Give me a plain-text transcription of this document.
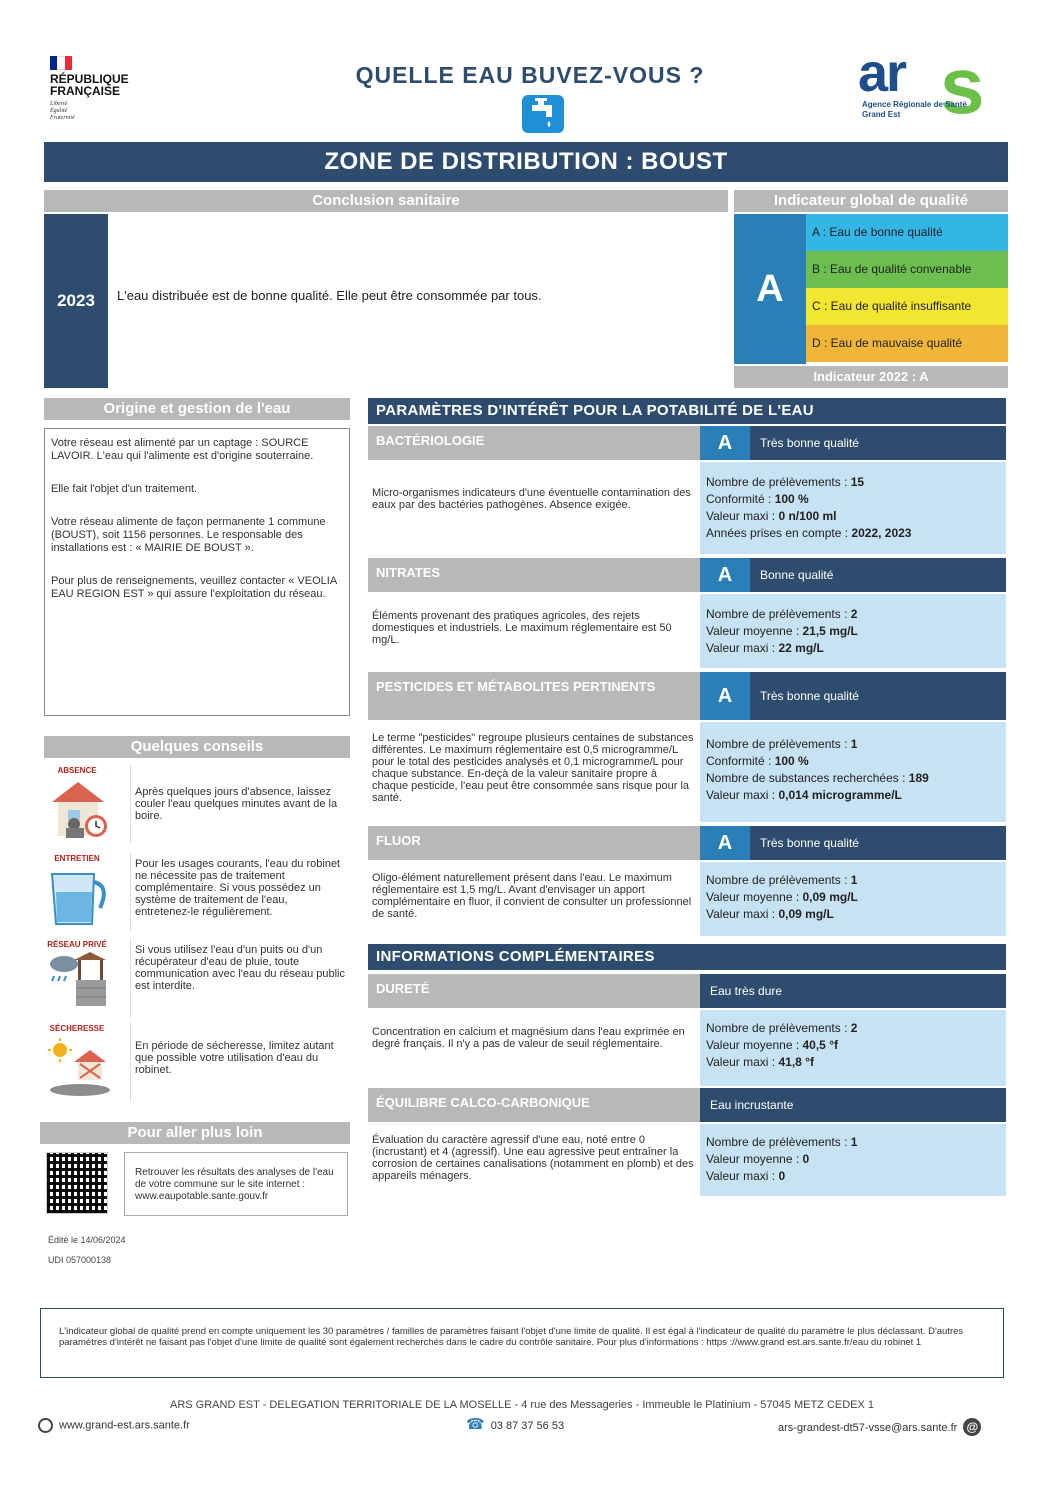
RÉPUBLIQUE
FRANÇAISE
Liberté
Égalité
Fraternité
QUELLE EAU BUVEZ-VOUS ?	ar s
Agence Régionale de Santé
Grand Est
ZONE DE DISTRIBUTION : BOUST
Conclusion sanitaire
2023	L'eau distribuée est de bonne qualité. Elle peut être consommée par tous.
Indicateur global de qualité
A
A : Eau de bonne qualité
B : Eau de qualité convenable
C : Eau de qualité insuffisante
D : Eau de mauvaise qualité
Indicateur 2022 : A
Origine et gestion de l'eau

Votre réseau est alimenté par un captage : SOURCE LAVOIR. L'eau qui l'alimente est d'origine souterraine.

Elle fait l'objet d'un traitement.

Votre réseau alimente de façon permanente 1 commune (BOUST), soit 1156 personnes. Le responsable des installations est : « MAIRIE DE BOUST ».

Pour plus de renseignements, veuillez contacter « VEOLIA EAU REGION EST » qui assure l'exploitation du réseau.

Quelques conseils
ABSENCE
Après quelques jours d'absence, laissez couler l'eau quelques minutes avant de la boire.
ENTRETIEN	Pour les usages courants, l'eau du robinet ne nécessite pas de traitement complémentaire. Si vous possédez un système de traitement de l'eau, entretenez-le régulièrement.
RÉSEAU PRIVÉ	Si vous utilisez l'eau d'un puits ou d'un récupérateur d'eau de pluie, toute communication avec l'eau du réseau public est interdite.
SÉCHERESSE
En période de sécheresse, limitez autant que possible votre utilisation d'eau du robinet.
Pour aller plus loin
Retrouver les résultats des analyses de l'eau de votre commune sur le site internet : www.eaupotable.sante.gouv.fr
Édité le 14/06/2024
UDI 057000138
PARAMÈTRES D'INTÉRÊT POUR LA POTABILITÉ DE L'EAU
BACTÉRIOLOGIE	A	Très bonne qualité
Micro-organismes indicateurs d'une éventuelle contamination des eaux par des bactéries pathogènes. Absence exigée.
Nombre de prélèvements : 15
Conformité : 100 %
Valeur maxi : 0 n/100 ml
Années prises en compte : 2022, 2023
NITRATES	A	Bonne qualité
Éléments provenant des pratiques agricoles, des rejets domestiques et industriels. Le maximum réglementaire est 50 mg/L.
Nombre de prélèvements : 2
Valeur moyenne : 21,5 mg/L
Valeur maxi : 22 mg/L
PESTICIDES ET MÉTABOLITES PERTINENTS	A	Très bonne qualité
Le terme "pesticides" regroupe plusieurs centaines de substances différentes. Le maximum réglementaire est 0,5 microgramme/L pour le total des pesticides analysés et 0,1 microgramme/L pour chaque substance. En-deçà de la valeur sanitaire propre à chaque pesticide, l'eau peut être consommée sans risque pour la santé.
Nombre de prélèvements : 1
Conformité : 100 %
Nombre de substances recherchées : 189
Valeur maxi : 0,014 microgramme/L
FLUOR	A	Très bonne qualité
Oligo-élément naturellement présent dans l'eau. Le maximum réglementaire est 1,5 mg/L. Avant d'envisager un apport complémentaire en fluor, il convient de consulter un professionnel de santé.
Nombre de prélèvements : 1
Valeur moyenne : 0,09 mg/L
Valeur maxi : 0,09 mg/L
INFORMATIONS COMPLÉMENTAIRES
DURETÉ	Eau très dure
Concentration en calcium et magnésium dans l'eau exprimée en degré français. Il n'y a pas de valeur de seuil réglementaire.
Nombre de prélèvements : 2
Valeur moyenne : 40,5 °f
Valeur maxi : 41,8 °f
ÉQUILIBRE CALCO-CARBONIQUE	Eau incrustante
Évaluation du caractère agressif d'une eau, noté entre 0 (incrustant) et 4 (agressif). Une eau agressive peut entraîner la corrosion de certaines canalisations (notamment en plomb) et des appareils ménagers.
Nombre de prélèvements : 1
Valeur moyenne : 0
Valeur maxi : 0
L'indicateur global de qualité prend en compte uniquement les 30 paramètres / familles de paramètres faisant l'objet d'une limite de qualité. Il est égal à l'indicateur de qualité du paramètre le plus déclassant. D'autres paramètres d'intérêt ne faisant pas l'objet d'une limite de qualité sont également recherchés dans le cadre du contrôle sanitaire. Pour plus d'informations : https ://www.grand est.ars.sante.fr/eau du robinet 1
ARS GRAND EST - DELEGATION TERRITORIALE DE LA MOSELLE - 4 rue des Messageries - Immeuble le Platinium - 57045 METZ CEDEX 1
www.grand-est.ars.sante.fr	☎ 03 87 37 56 53	ars-grandest-dt57-vsse@ars.sante.fr @
